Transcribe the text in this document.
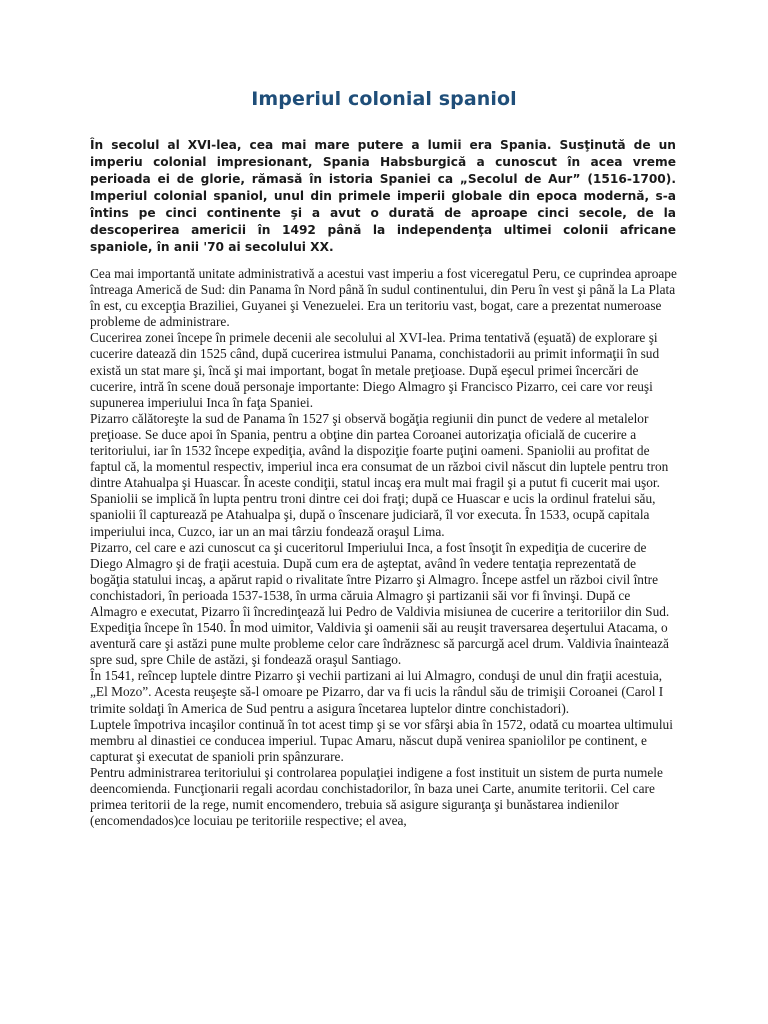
Imperiul colonial spaniol

În secolul al XVI-lea, cea mai mare putere a lumii era Spania. Susţinută de un imperiu colonial impresionant, Spania Habsburgică a cunoscut în acea vreme perioada ei de glorie, rămasă în istoria Spaniei ca „Secolul de Aur” (1516-1700). Imperiul colonial spaniol, unul din primele imperii globale din epoca modernă, s-a întins pe cinci continente şi a avut o durată de aproape cinci secole, de la descoperirea americii în 1492 până la independenţa ultimei colonii africane spaniole, în anii '70 ai secolului XX.

Cea mai importantă unitate administrativă a acestui vast imperiu a fost viceregatul Peru, ce cuprindea aproape întreaga Americă de Sud: din Panama în Nord până în sudul continentului, din Peru în vest şi până la La Plata în est, cu excepţia Braziliei, Guyanei şi Venezuelei. Era un teritoriu vast, bogat, care a prezentat numeroase probleme de administrare.

Cucerirea zonei începe în primele decenii ale secolului al XVI-lea. Prima tentativă (eşuată) de explorare şi cucerire datează din 1525 când, după cucerirea istmului Panama, conchistadorii au primit informaţii în sud există un stat mare şi, încă şi mai important, bogat în metale preţioase. După eşecul primei încercări de cucerire, intră în scene două personaje importante: Diego Almagro şi Francisco Pizarro, cei care vor reuşi supunerea imperiului Inca în faţa Spaniei.

Pizarro călătoreşte la sud de Panama în 1527 şi observă bogăţia regiunii din punct de vedere al metalelor preţioase. Se duce apoi în Spania, pentru a obţine din partea Coroanei autorizaţia oficială de cucerire a teritoriului, iar în 1532 începe expediţia, având la dispoziţie foarte puţini oameni. Spaniolii au profitat de faptul că, la momentul respectiv, imperiul inca era consumat de un război civil născut din luptele pentru tron dintre Atahualpa şi Huascar. În aceste condiţii, statul incaş era mult mai fragil şi a putut fi cucerit mai uşor. Spaniolii se implică în lupta pentru troni dintre cei doi fraţi; după ce Huascar e ucis la ordinul fratelui său, spaniolii îl capturează pe Atahualpa şi, după o înscenare judiciară, îl vor executa. În 1533, ocupă capitala imperiului inca, Cuzco, iar un an mai târziu fondează oraşul Lima.

Pizarro, cel care e azi cunoscut ca şi cuceritorul Imperiului Inca, a fost însoţit în expediţia de cucerire de Diego Almagro şi de fraţii acestuia. După cum era de aşteptat, având în vedere tentaţia reprezentată de bogăţia statului incaş, a apărut rapid o rivalitate între Pizarro şi Almagro. Începe astfel un război civil între conchistadori, în perioada 1537-1538, în urma căruia Almagro şi partizanii săi vor fi învinşi. După ce Almagro e executat, Pizarro îi încredinţează lui Pedro de Valdivia misiunea de cucerire a teritoriilor din Sud. Expediţia începe în 1540. În mod uimitor, Valdivia şi oamenii săi au reuşit traversarea deşertului Atacama, o aventură care şi astăzi pune multe probleme celor care îndrăznesc să parcurgă acel drum. Valdivia înaintează spre sud, spre Chile de astăzi, şi fondează oraşul Santiago.

În 1541, reîncep luptele dintre Pizarro şi vechii partizani ai lui Almagro, conduşi de unul din fraţii acestuia, „El Mozo”. Acesta reuşeşte să-l omoare pe Pizarro, dar va fi ucis la rândul său de trimişii Coroanei (Carol I trimite soldaţi în America de Sud pentru a asigura încetarea luptelor dintre conchistadori).

Luptele împotriva incaşilor continuă în tot acest timp şi se vor sfârşi abia în 1572, odată cu moartea ultimului membru al dinastiei ce conducea imperiul. Tupac Amaru, născut după venirea spaniolilor pe continent, e capturat şi executat de spanioli prin spânzurare.

Pentru administrarea teritoriului şi controlarea populaţiei indigene a fost instituit un sistem de purta numele deencomienda. Funcţionarii regali acordau conchistadorilor, în baza unei Carte, anumite teritorii. Cel care primea teritorii de la rege, numit encomendero, trebuia să asigure siguranţa şi bunăstarea indienilor (encomendados)ce locuiau pe teritoriile respective; el avea,
